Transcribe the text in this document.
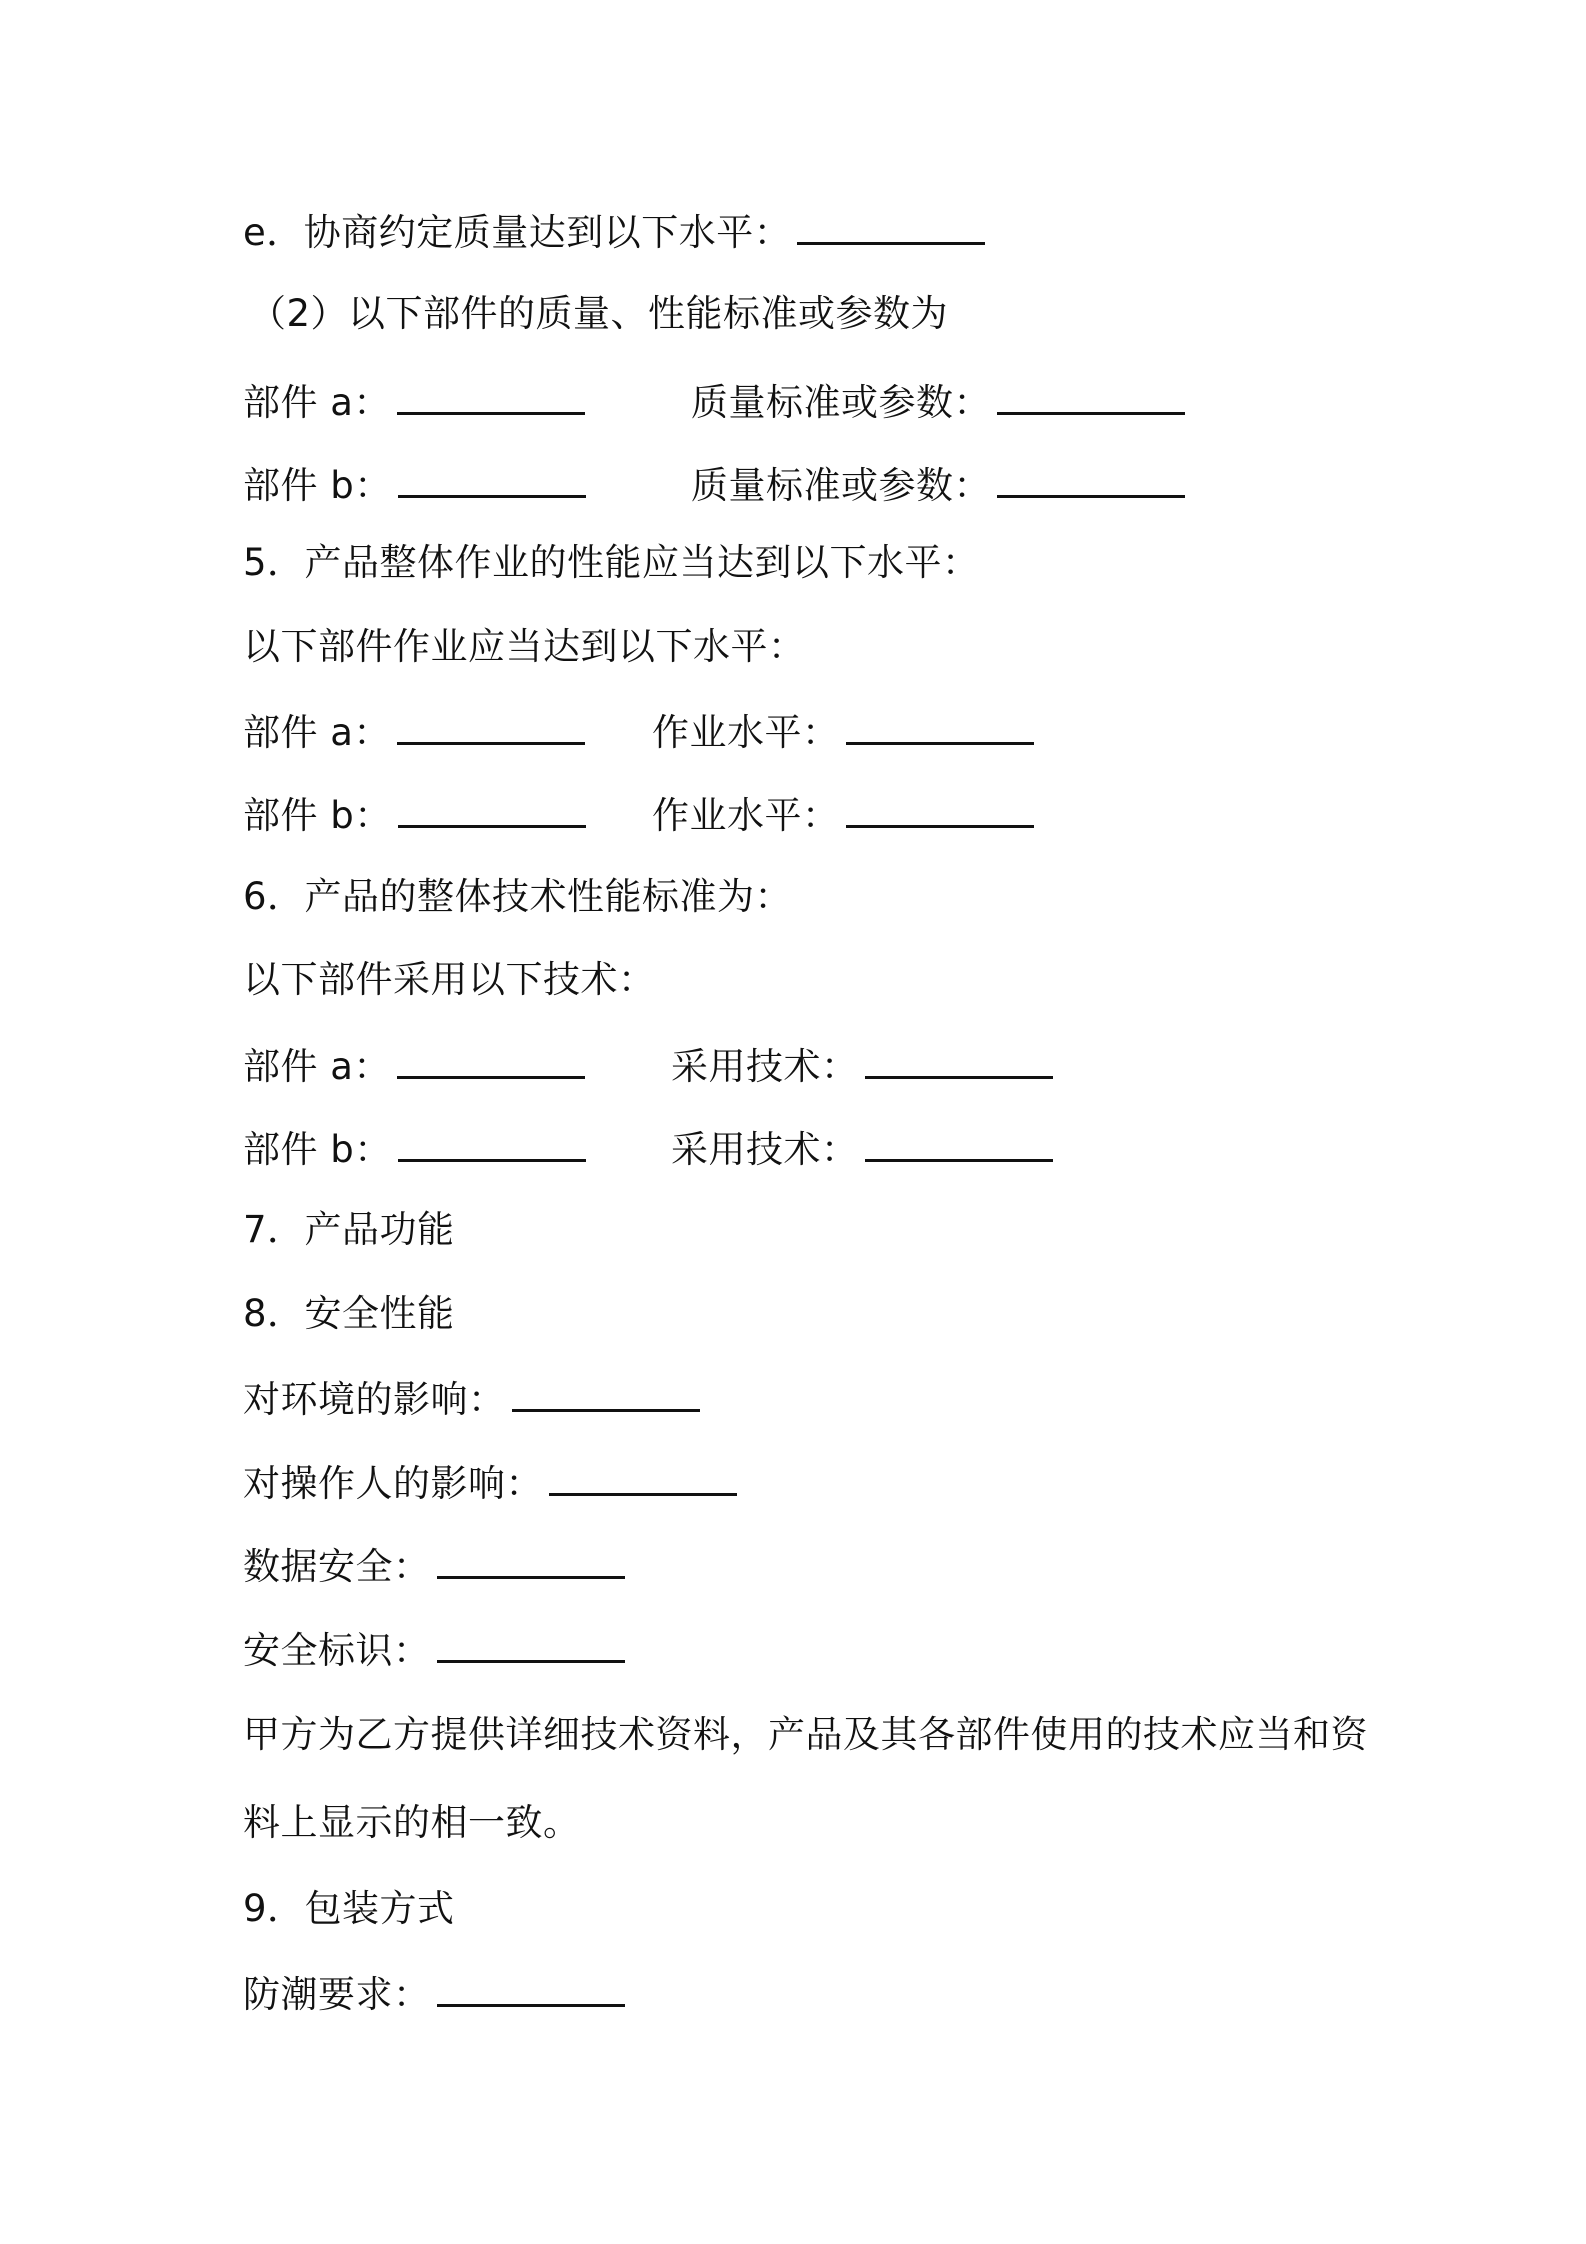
e．协商约定质量达到以下水平：
（2）以下部件的质量、性能标准或参数为
部件 a：	质量标准或参数：
部件 b：	质量标准或参数：
5．产品整体作业的性能应当达到以下水平：
以下部件作业应当达到以下水平：
部件 a：	作业水平：
部件 b：	作业水平：
6．产品的整体技术性能标准为：
以下部件采用以下技术：
部件 a：	采用技术：
部件 b：	采用技术：
7．产品功能
8．安全性能
对环境的影响：
对操作人的影响：
数据安全：
安全标识：
甲方为乙方提供详细技术资料，产品及其各部件使用的技术应当和资
料上显示的相一致。
9．包装方式
防潮要求：
